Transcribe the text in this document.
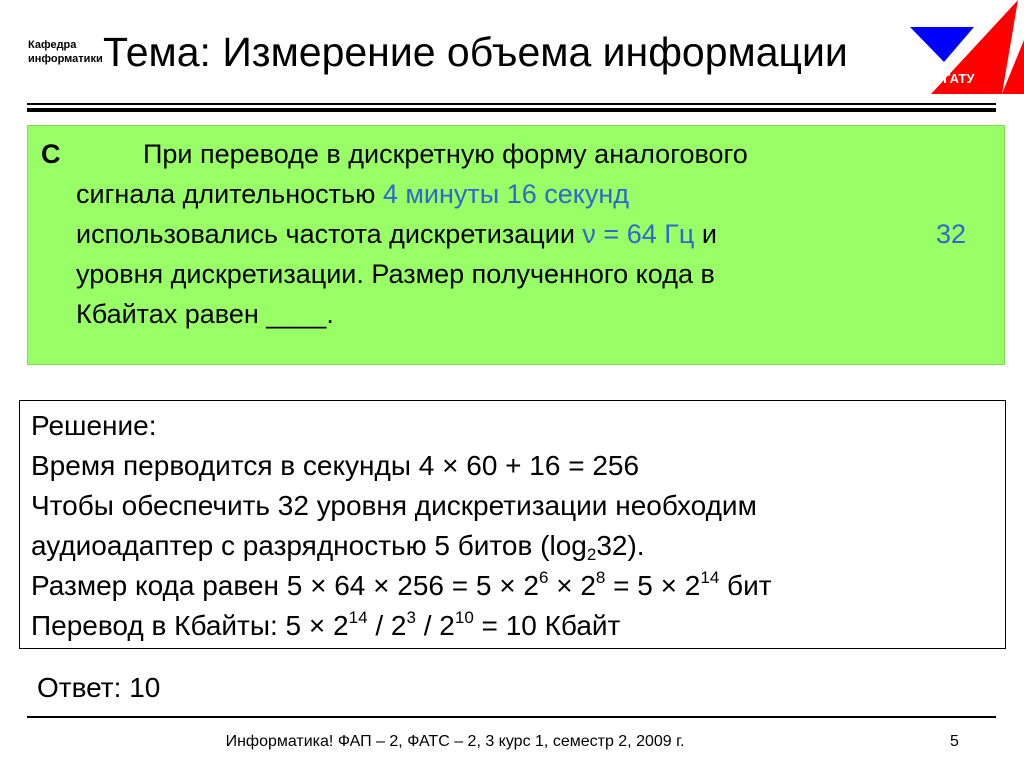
Кафедра
информатики Тема: Измерение объема информации
УГАТУ
С	При переводе в дискретную форму аналогового
сигнала длительностью 4 минуты 16 секунд
использовались частота дискретизации ν = 64 Гц и	32
уровня дискретизации. Размер полученного кода в
Кбайтах равен ____.
Решение:
Время перводится в секунды 4 × 60 + 16 = 256
Чтобы обеспечить 32 уровня дискретизации необходим
аудиоадаптер с разрядностью 5 битов $(\log_232)$.
Размер кода равен $5 \times 64 \times 256 = 5 \times 2^6 \times 2^8 = 5 \times 2^{14}$ бит
Перевод в Кбайты: $5 \times 2^{14} / 2^3 / 2^{10} = 10$ Кбайт
Ответ: 10
Информатика! ФАП – 2, ФАТС – 2, 3 курс 1, семестр 2, 2009 г.	5
